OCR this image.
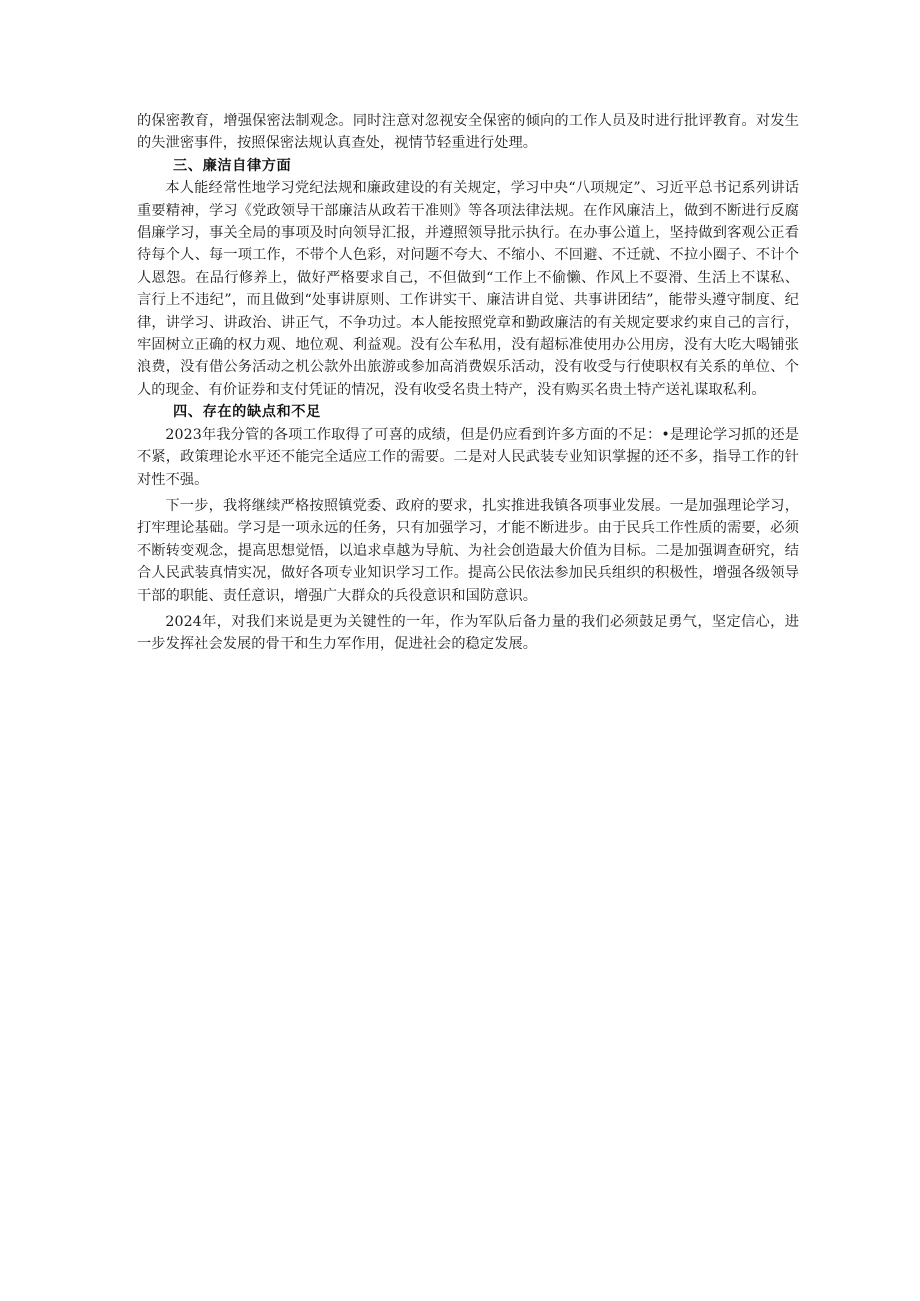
的保密教育，增强保密法制观念。同时注意对忽视安全保密的倾向的工作人员及时进行批评教育。对发生的失泄密事件，按照保密法规认真查处，视情节轻重进行处理。

三、廉洁自律方面

本人能经常性地学习党纪法规和廉政建设的有关规定，学习中央“八项规定”、习近平总书记系列讲话重要精神，学习《党政领导干部廉洁从政若干准则》等各项法律法规。在作风廉洁上，做到不断进行反腐倡廉学习，事关全局的事项及时向领导汇报，并遵照领导批示执行。在办事公道上，坚持做到客观公正看待每个人、每一项工作，不带个人色彩，对问题不夸大、不缩小、不回避、不迁就、不拉小圈子、不计个人恩怨。在品行修养上，做好严格要求自己，不但做到“工作上不偷懒、作风上不耍滑、生活上不谋私、言行上不违纪”，而且做到“处事讲原则、工作讲实干、廉洁讲自觉、共事讲团结”，能带头遵守制度、纪律，讲学习、讲政治、讲正气，不争功过。本人能按照党章和勤政廉洁的有关规定要求约束自己的言行，牢固树立正确的权力观、地位观、利益观。没有公车私用，没有超标准使用办公用房，没有大吃大喝铺张浪费，没有借公务活动之机公款外出旅游或参加高消费娱乐活动，没有收受与行使职权有关系的单位、个人的现金、有价证券和支付凭证的情况，没有收受名贵土特产，没有购买名贵土特产送礼谋取私利。

四、存在的缺点和不足

2023年我分管的各项工作取得了可喜的成绩，但是仍应看到许多方面的不足：•是理论学习抓的还是不紧，政策理论水平还不能完全适应工作的需要。二是对人民武装专业知识掌握的还不多，指导工作的针对性不强。

下一步，我将继续严格按照镇党委、政府的要求，扎实推进我镇各项事业发展。一是加强理论学习，打牢理论基础。学习是一项永远的任务，只有加强学习，才能不断进步。由于民兵工作性质的需要，必须不断转变观念，提高思想觉悟，以追求卓越为导航、为社会创造最大价值为目标。二是加强调查研究，结合人民武装真情实况，做好各项专业知识学习工作。提高公民依法参加民兵组织的积极性，增强各级领导干部的职能、责任意识，增强广大群众的兵役意识和国防意识。

2024年，对我们来说是更为关键性的一年，作为军队后备力量的我们必须鼓足勇气，坚定信心，进一步发挥社会发展的骨干和生力军作用，促进社会的稳定发展。
